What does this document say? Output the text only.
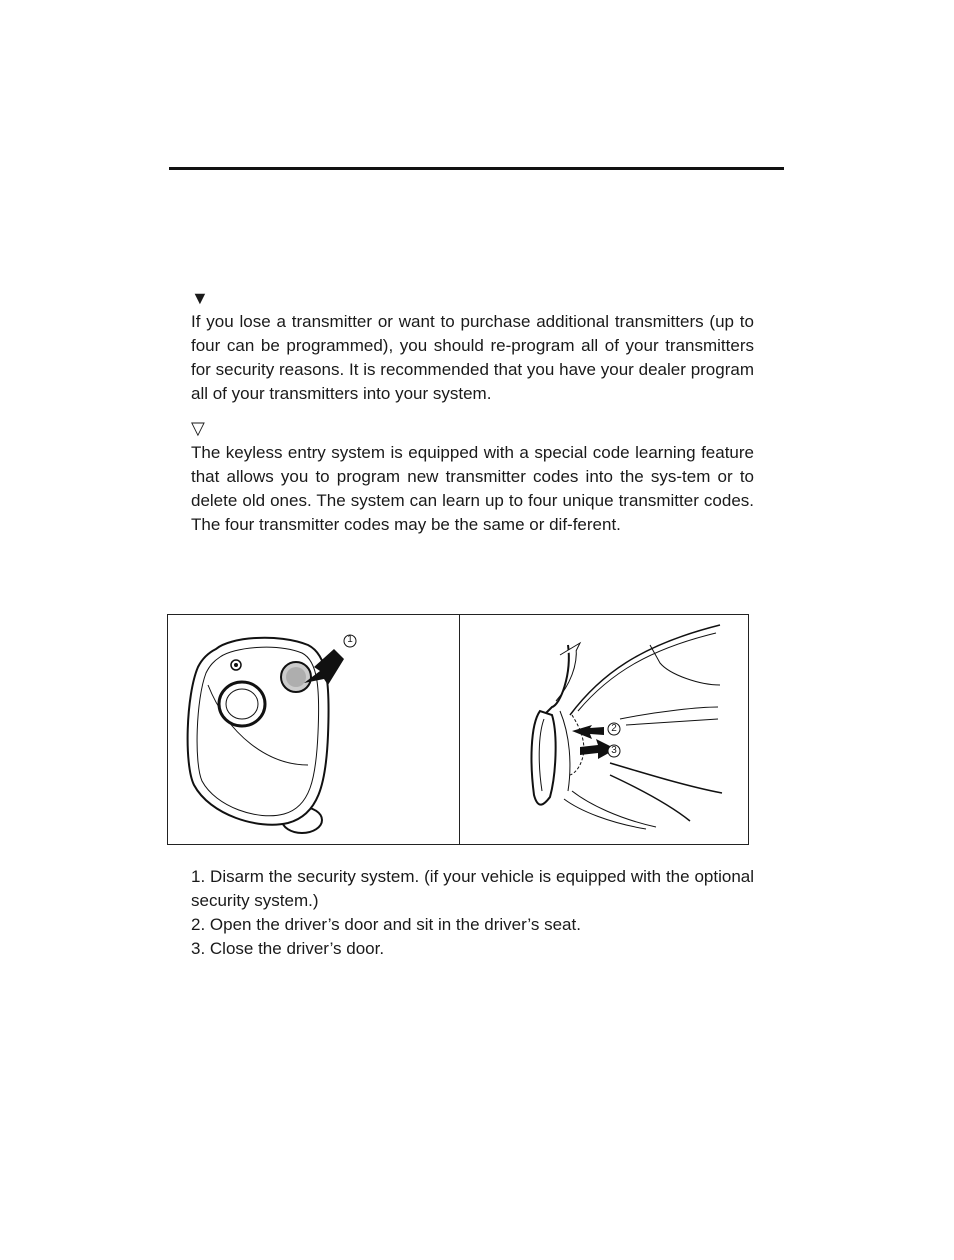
▼

If you lose a transmitter or want to purchase additional transmitters (up to four can be programmed), you should re-program all of your transmitters for security reasons. It is recommended that you have your dealer program all of your transmitters into your system.

▽

The keyless entry system is equipped with a special code learning feature that allows you to program new transmitter codes into the sys-tem or to delete old ones. The system can learn up to four unique transmitter codes. The four transmitter codes may be the same or dif-ferent.

1
2
3
1. Disarm the security system. (if your vehicle is equipped with the optional security system.)
2. Open the driver’s door and sit in the driver’s seat.
3. Close the driver’s door.
